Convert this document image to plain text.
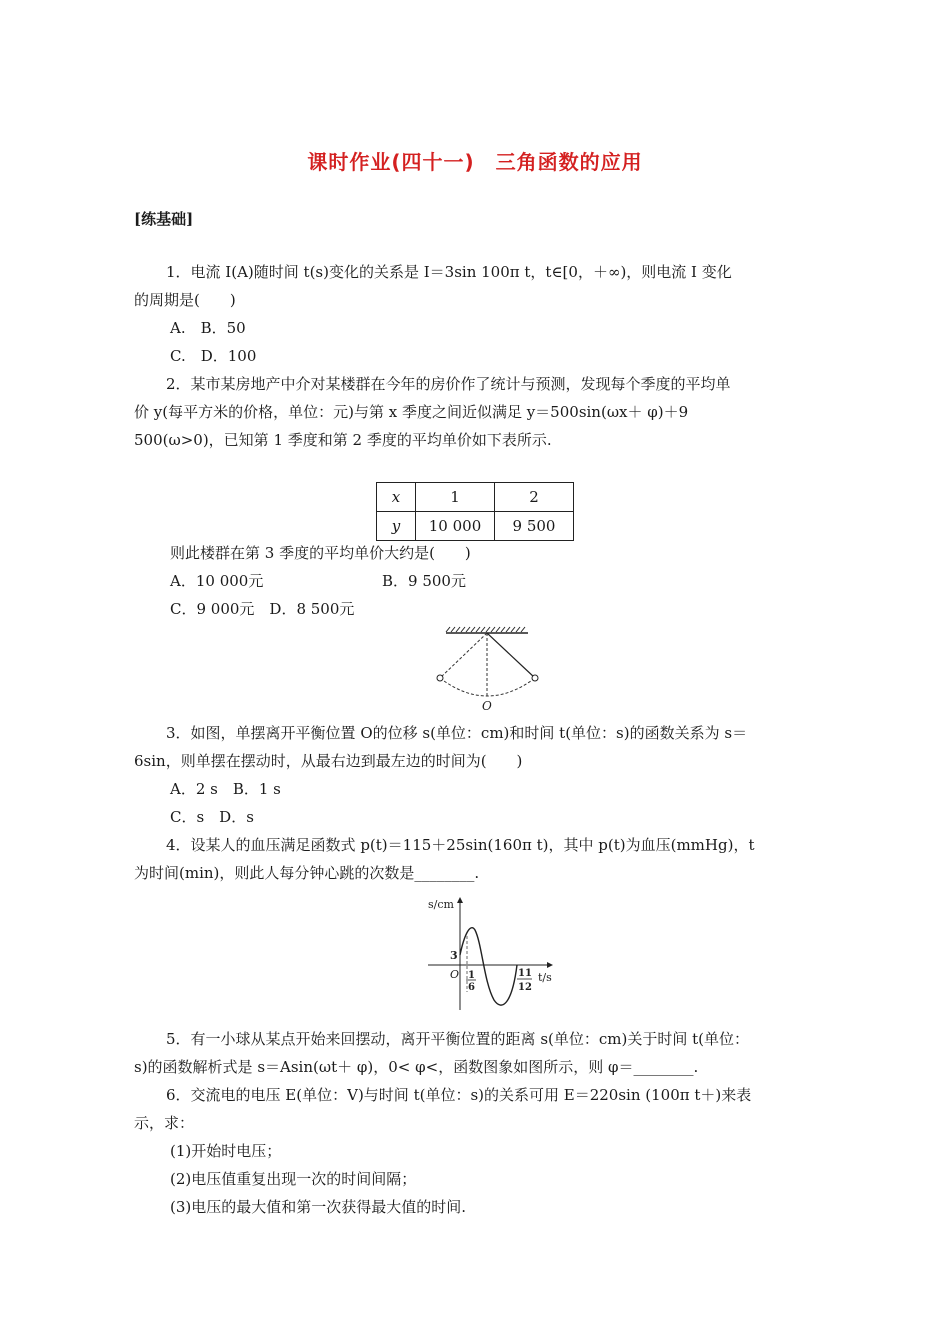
课时作业(四十一)　三角函数的应用
[练基础]
1．电流 I(A)随时间 t(s)变化的关系是 I＝3sin 100π t，t∈[0，＋∞)，则电流 I 变化
的周期是(　　)
A.　B．50
C.　D．100
2．某市某房地产中介对某楼群在今年的房价作了统计与预测，发现每个季度的平均单
价 y(每平方米的价格，单位：元)与第 x 季度之间近似满足 y＝500sin(ωx＋ φ)＋9
500(ω>0)，已知第 1 季度和第 2 季度的平均单价如下表所示.
x	1	2
y	10 000	9 500
则此楼群在第 3 季度的平均单价大约是(　　)
A．10 000元	B．9 500元
C．9 000元　D．8 500元
O
3．如图，单摆离开平衡位置 O的位移 s(单位：cm)和时间 t(单位：s)的函数关系为 s＝
6sin，则单摆在摆动时，从最右边到最左边的时间为(　　)
A．2 s　B．1 s
C．s　D．s
4．设某人的血压满足函数式 p(t)＝115＋25sin(160π t)，其中 p(t)为血压(mmHg)，t
为时间(min)，则此人每分钟心跳的次数是________.
s/cm
t/s
O
3
1
6
11
12
5．有一小球从某点开始来回摆动，离开平衡位置的距离 s(单位：cm)关于时间 t(单位：
s)的函数解析式是 s＝Asin(ωt＋ φ)，0< φ<，函数图象如图所示，则 φ＝________.
6．交流电的电压 E(单位：V)与时间 t(单位：s)的关系可用 E＝220sin (100π t＋)来表
示，求：
(1)开始时电压；
(2)电压值重复出现一次的时间间隔；
(3)电压的最大值和第一次获得最大值的时间.
